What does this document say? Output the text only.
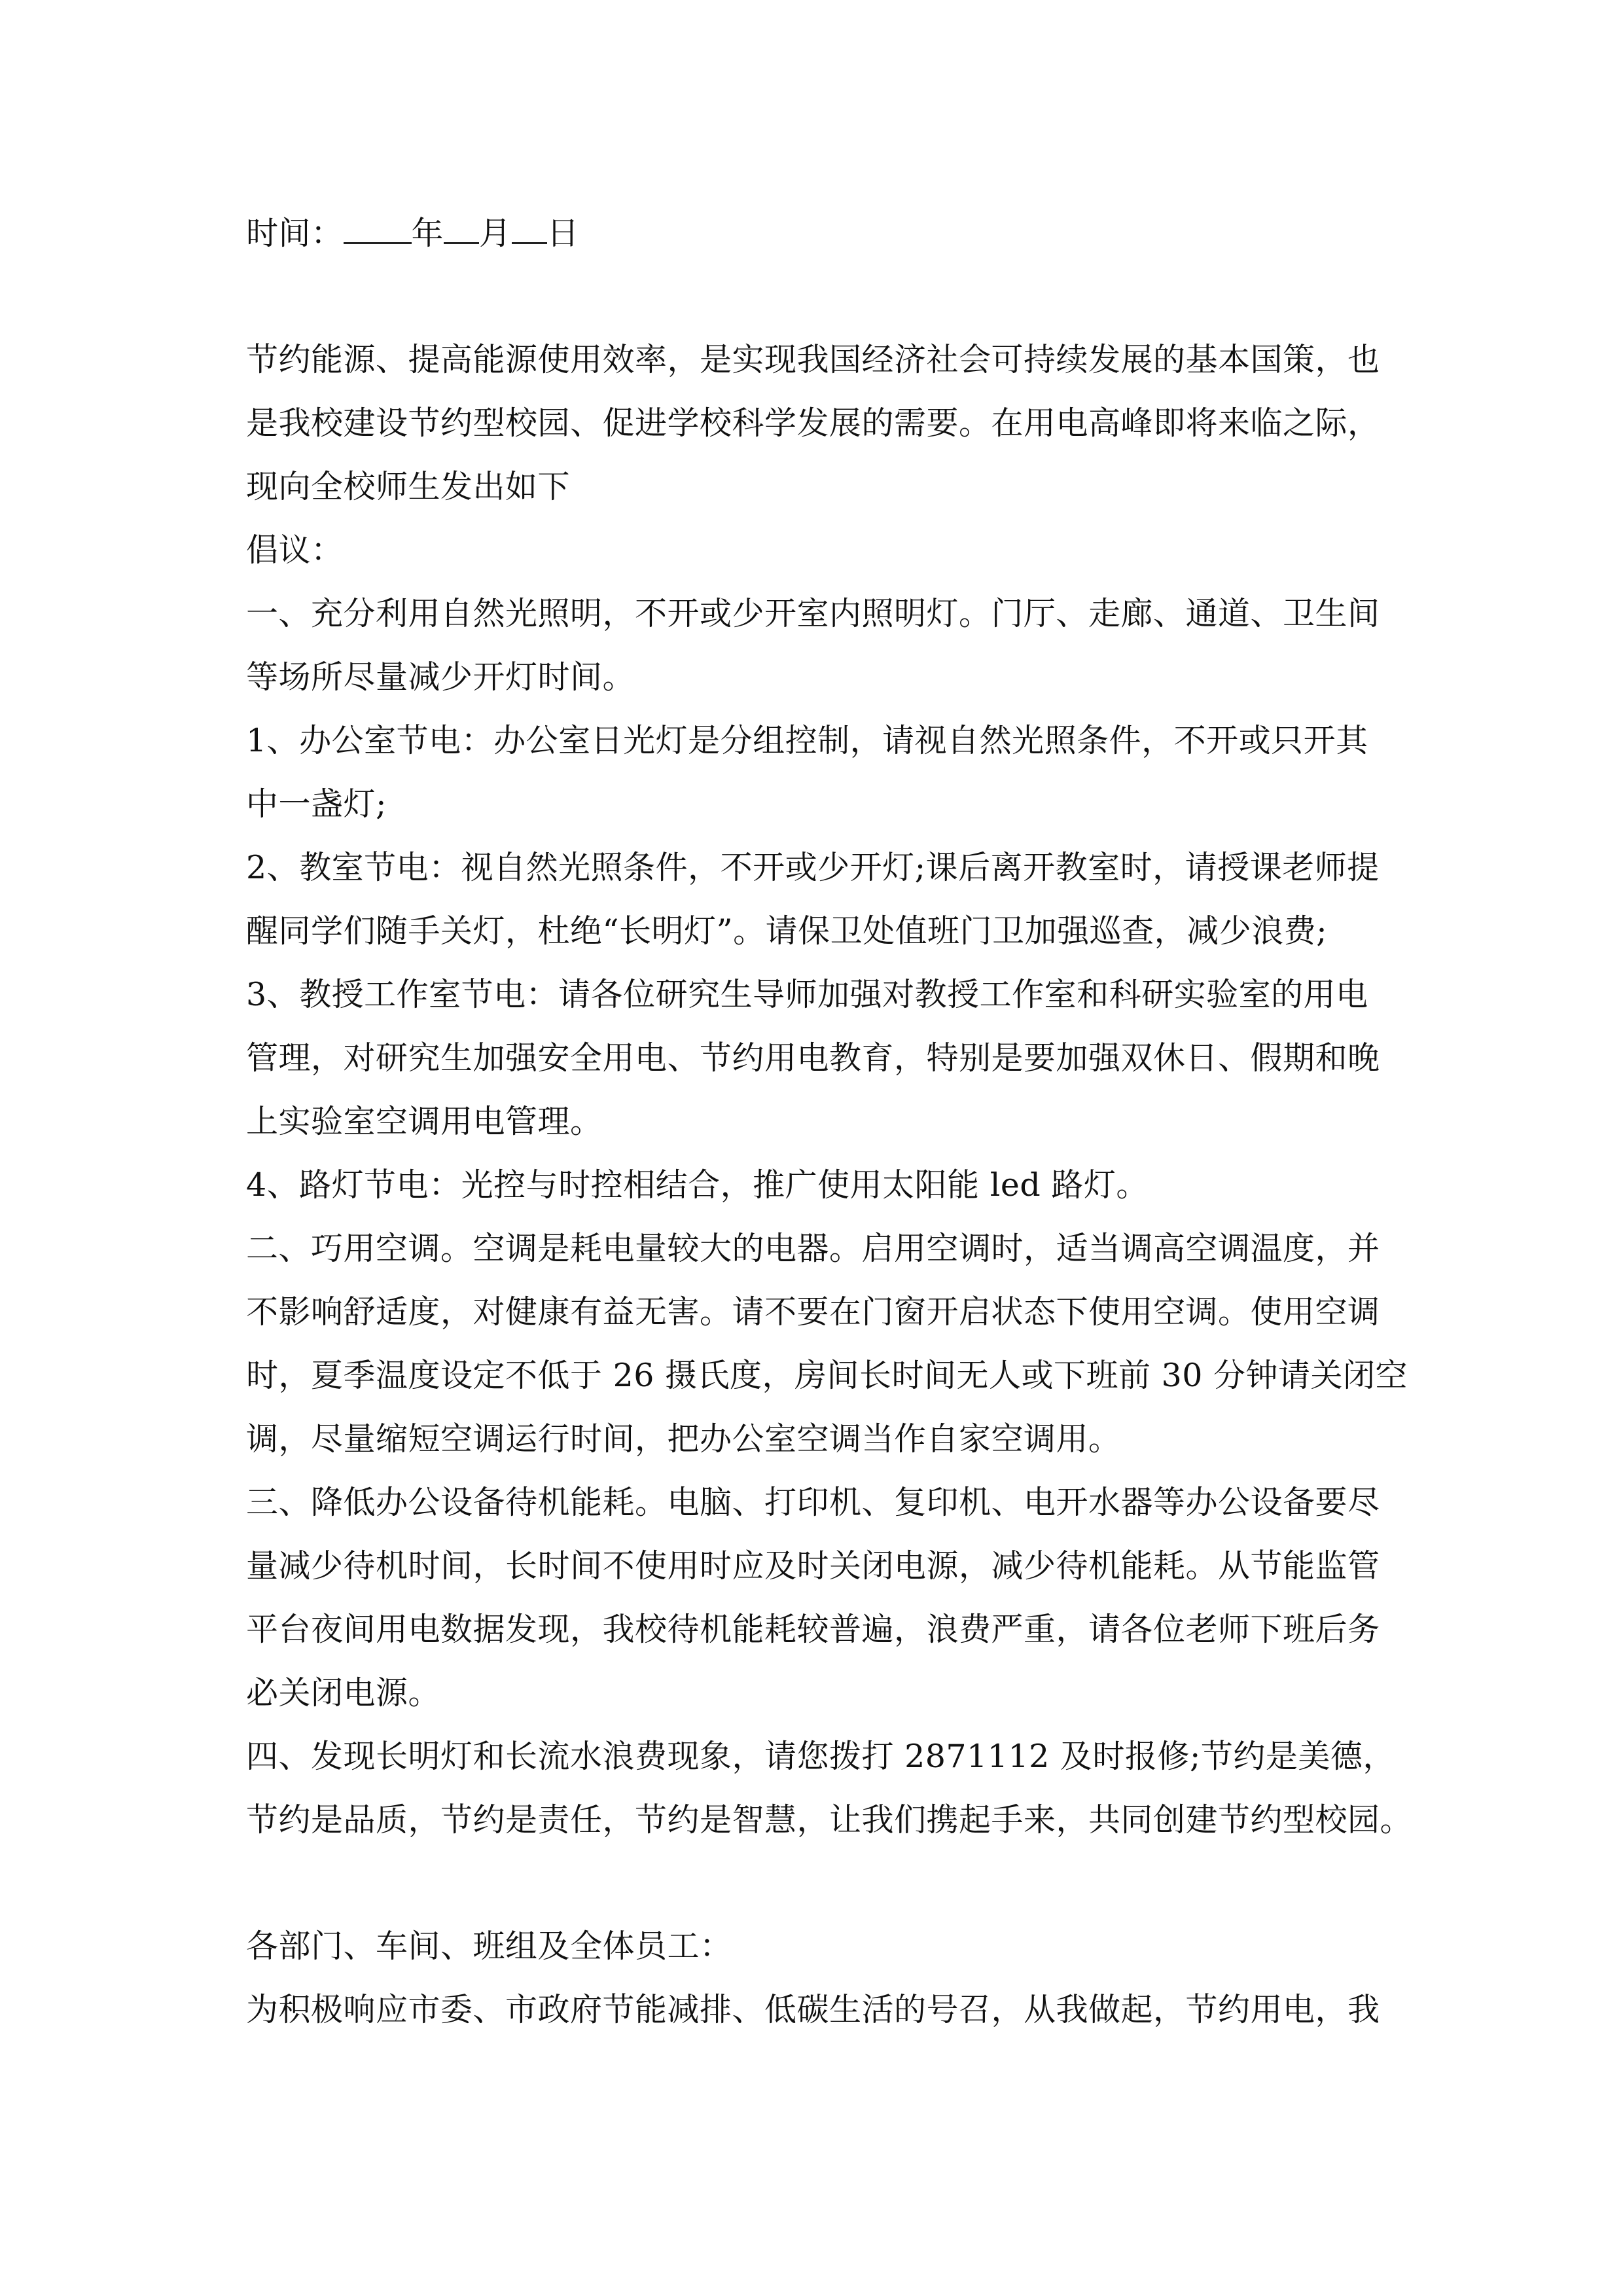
时间： 年 月 日
节约能源、提高能源使用效率，是实现我国经济社会可持续发展的基本国策，也
是我校建设节约型校园、促进学校科学发展的需要。在用电高峰即将来临之际，
现向全校师生发出如下
倡议：
一、充分利用自然光照明，不开或少开室内照明灯。门厅、走廊、通道、卫生间
等场所尽量减少开灯时间。
1、办公室节电：办公室日光灯是分组控制，请视自然光照条件，不开或只开其
中一盏灯;
2、教室节电：视自然光照条件，不开或少开灯;课后离开教室时，请授课老师提
醒同学们随手关灯，杜绝“长明灯”。请保卫处值班门卫加强巡查，减少浪费;
3、教授工作室节电：请各位研究生导师加强对教授工作室和科研实验室的用电
管理，对研究生加强安全用电、节约用电教育，特别是要加强双休日、假期和晚
上实验室空调用电管理。
4、路灯节电：光控与时控相结合，推广使用太阳能 led 路灯。
二、巧用空调。空调是耗电量较大的电器。启用空调时，适当调高空调温度，并
不影响舒适度，对健康有益无害。请不要在门窗开启状态下使用空调。使用空调
时，夏季温度设定不低于 26 摄氏度，房间长时间无人或下班前 30 分钟请关闭空
调，尽量缩短空调运行时间，把办公室空调当作自家空调用。
三、降低办公设备待机能耗。电脑、打印机、复印机、电开水器等办公设备要尽
量减少待机时间，长时间不使用时应及时关闭电源，减少待机能耗。从节能监管
平台夜间用电数据发现，我校待机能耗较普遍，浪费严重，请各位老师下班后务
必关闭电源。
四、发现长明灯和长流水浪费现象，请您拨打 2871112 及时报修;节约是美德，
节约是品质，节约是责任，节约是智慧，让我们携起手来，共同创建节约型校园。
各部门、车间、班组及全体员工：
为积极响应市委、市政府节能减排、低碳生活的号召，从我做起，节约用电，我
